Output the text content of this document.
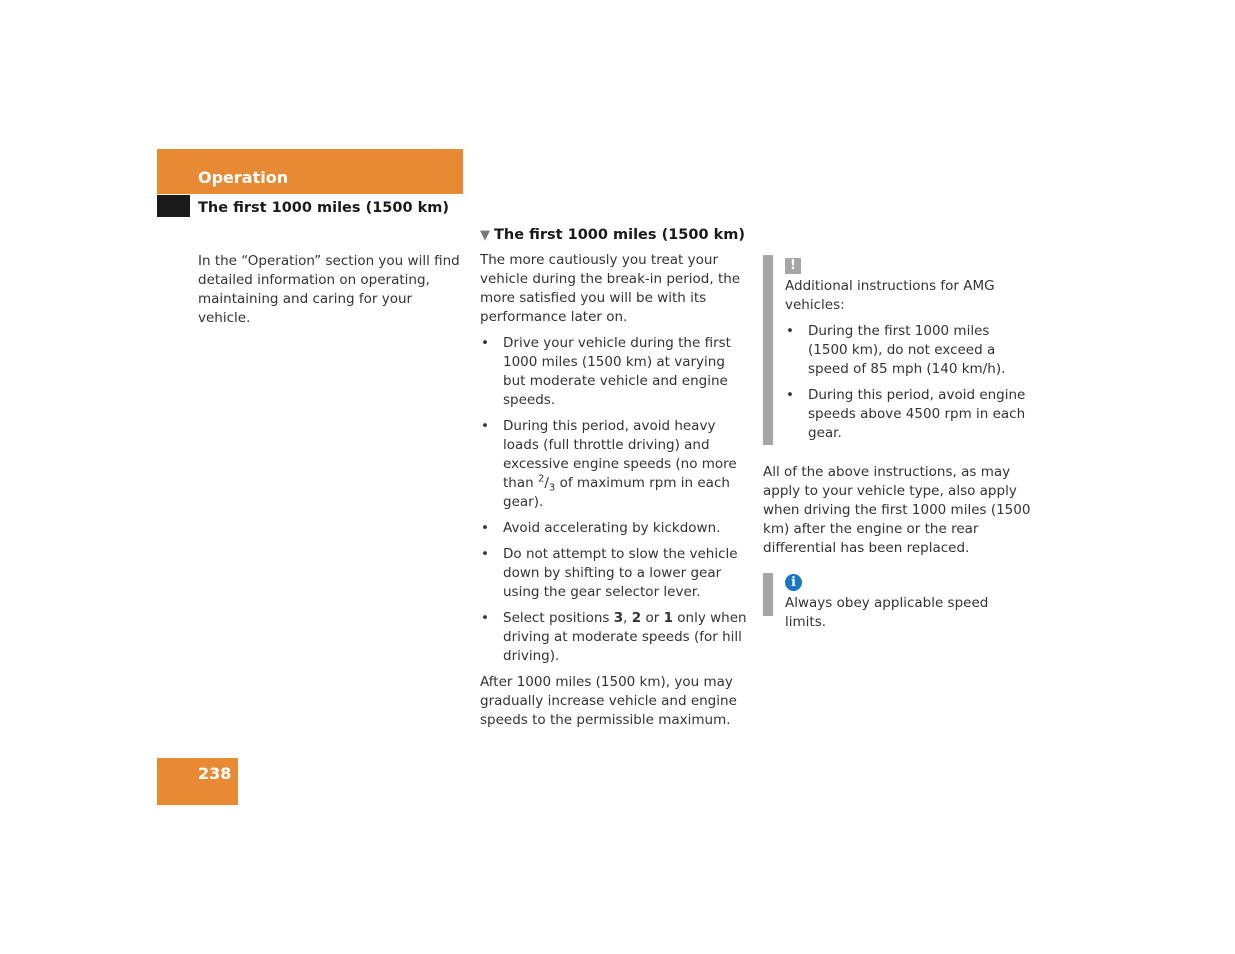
Operation
The first 1000 miles (1500 km)

In the “Operation” section you will find detailed information on operating, maintaining and caring for your vehicle.

▼ The first 1000 miles (1500 km)

The more cautiously you treat your vehicle during the break-in period, the more satisfied you will be with its performance later on.

• Drive your vehicle during the first 1000 miles (1500 km) at varying but moderate vehicle and engine speeds.
• During this period, avoid heavy loads (full throttle driving) and excessive engine speeds (no more than $^2/_3$ of maximum rpm in each gear).
• Avoid accelerating by kickdown.
• Do not attempt to slow the vehicle down by shifting to a lower gear using the gear selector lever.
• Select positions 3, 2 or 1 only when driving at moderate speeds (for hill driving).

After 1000 miles (1500 km), you may gradually increase vehicle and engine speeds to the permissible maximum.

!

Additional instructions for AMG vehicles:

• During the first 1000 miles (1500 km), do not exceed a speed of 85 mph (140 km/h).
• During this period, avoid engine speeds above 4500 rpm in each gear.

All of the above instructions, as may apply to your vehicle type, also apply when driving the first 1000 miles (1500 km) after the engine or the rear differential has been replaced.

i

Always obey applicable speed limits.

238
